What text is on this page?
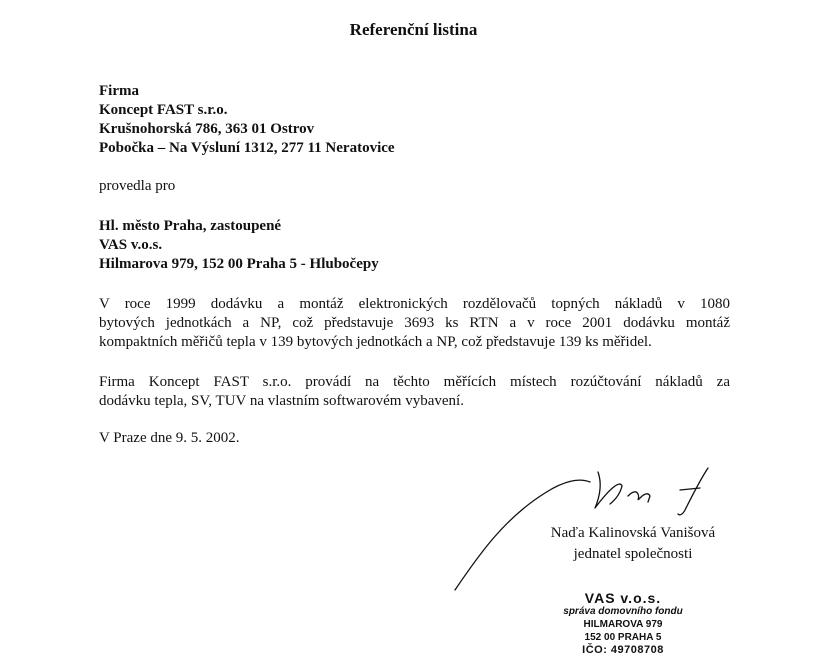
Referenční listina
Firma
Koncept FAST s.r.o.
Krušnohorská 786, 363 01 Ostrov
Pobočka – Na Výsluní 1312, 277 11 Neratovice
provedla pro
Hl. město Praha, zastoupené
VAS v.o.s.
Hilmarova 979, 152 00 Praha 5 - Hlubočepy
V roce 1999 dodávku a montáž elektronických rozdělovačů topných nákladů v 1080
bytových jednotkách a NP, což představuje 3693 ks RTN a v roce 2001 dodávku montáž
kompaktních měřičů tepla v 139 bytových jednotkách a NP, což představuje 139 ks měřidel.
Firma Koncept FAST s.r.o. provádí na těchto měřících místech rozúčtování nákladů za
dodávku tepla, SV, TUV na vlastním softwarovém vybavení.
V Praze dne 9. 5. 2002.
Naďa Kalinovská Vanišová
jednatel společnosti
VAS v.o.s.
správa domovního fondu
HILMAROVA 979
152 00 PRAHA 5
IČO: 49708708
